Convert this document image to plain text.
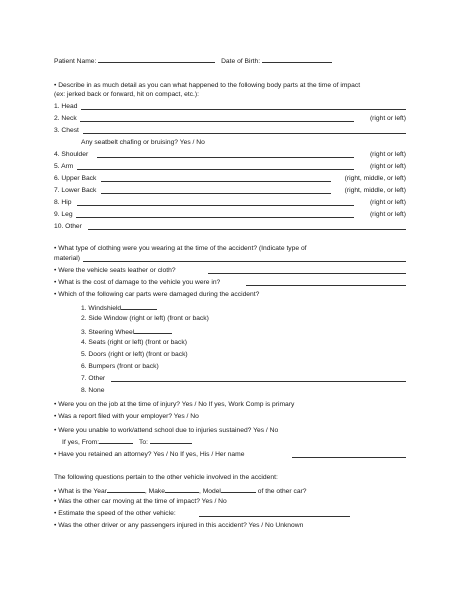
Patient Name:	Date of Birth:
• Describe in as much detail as you can what happened to the following body parts at the time of impact
(ex: jerked back or forward, hit on compact, etc.):
1. Head
2. Neck	(right or left)
3. Chest
Any seatbelt chafing or bruising? Yes / No
4. Shoulder	(right or left)
5. Arm	(right or left)
6. Upper Back	(right, middle, or left)
7. Lower Back	(right, middle, or left)
8. Hip	(right or left)
9. Leg	(right or left)
10. Other
• What type of clothing were you wearing at the time of the accident? (Indicate type of
material)
• Were the vehicle seats leather or cloth?
• What is the cost of damage to the vehicle you were in?
• Which of the following car parts were damaged during the accident?
1. Windshield
2. Side Window (right or left) (front or back)
3. Steering Wheel
4. Seats (right or left) (front or back)
5. Doors (right or left) (front or back)
6. Bumpers (front or back)
7. Other
8. None
• Were you on the job at the time of injury? Yes / No If yes, Work Comp is primary
• Was a report filed with your employer? Yes / No
• Were you unable to work/attend school due to injuries sustained? Yes / No
If yes, From:	To:
• Have you retained an attorney? Yes / No If yes, His / Her name
The following questions pertain to the other vehicle involved in the accident:
• What is the Year	, Make	, Model	of the other car?
• Was the other car moving at the time of impact? Yes / No
• Estimate the speed of the other vehicle:
• Was the other driver or any passengers injured in this accident? Yes / No Unknown
